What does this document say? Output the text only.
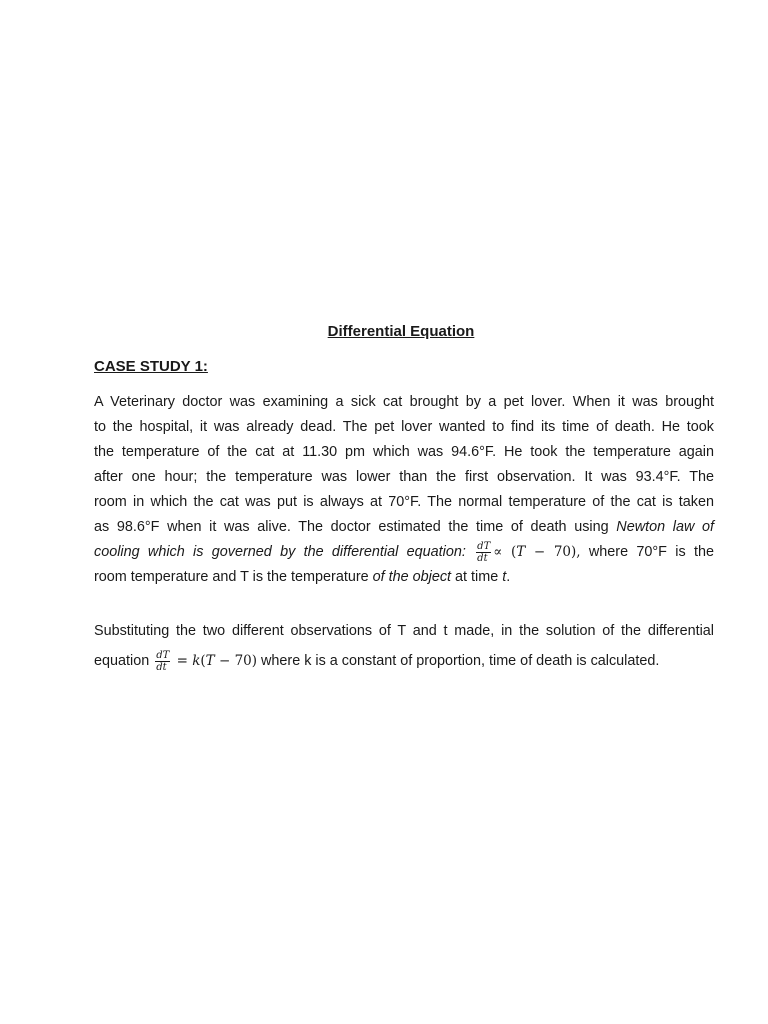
Differential Equation
CASE STUDY 1:
A Veterinary doctor was examining a sick cat brought by a pet lover. When it was brought
to the hospital, it was already dead. The pet lover wanted to find its time of death. He took
the temperature of the cat at 11.30 pm which was 94.6°F. He took the temperature again
after one hour; the temperature was lower than the first observation. It was 93.4°F. The
room in which the cat was put is always at 70°F. The normal temperature of the cat is taken
as 98.6°F when it was alive. The doctor estimated the time of death using Newton law of
cooling which is governed by the differential equation: $\frac{dT}{dt} \propto (T - 70)$, where 70°F is the
room temperature and T is the temperature of the object at time t.
Substituting the two different observations of T and t made, in the solution of the differential
equation $\frac{dT}{dt} = k(T - 70)$ where k is a constant of proportion, time of death is calculated.
